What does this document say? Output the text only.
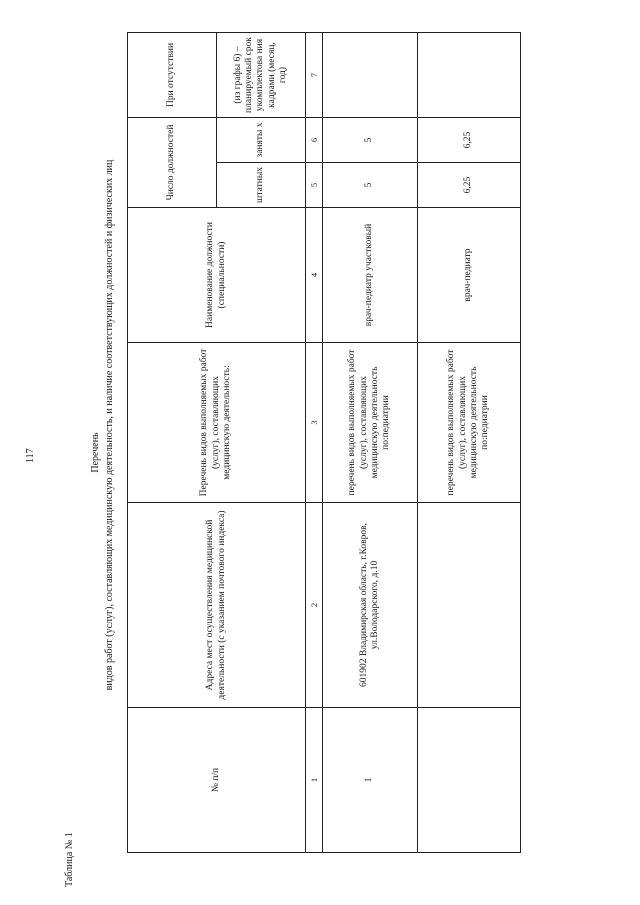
117
Таблица № 1
Перечень видов работ (услуг), составляющих медицинскую деятельность, и наличие соответствующих должностей и физических лиц
№ п/п	Адреса мест осуществления медицинской деятельности (с указанием почтового индекса)	Перечень видов выполняемых работ (услуг), составляющих медицинскую деятельность:	Наименование должности (специальности)	Число должностей		При отсутствии
				штатных	заняты х	(из графы 6) – планируемый срок укомплектова ния кадрами (месяц, год)
1	2	3	4	5	6	7
1	601902 Владимирская область, г.Ковров, ул.Володарского, д.10	перечень видов выполняемых работ (услуг), составляющих медицинскую деятельность по:педиатрии	врач-педиатр участковый	5	5	
		перечень видов выполняемых работ (услуг), составляющих медицинскую деятельность по:педиатрии	врач-педиатр	6,25	6,25	
